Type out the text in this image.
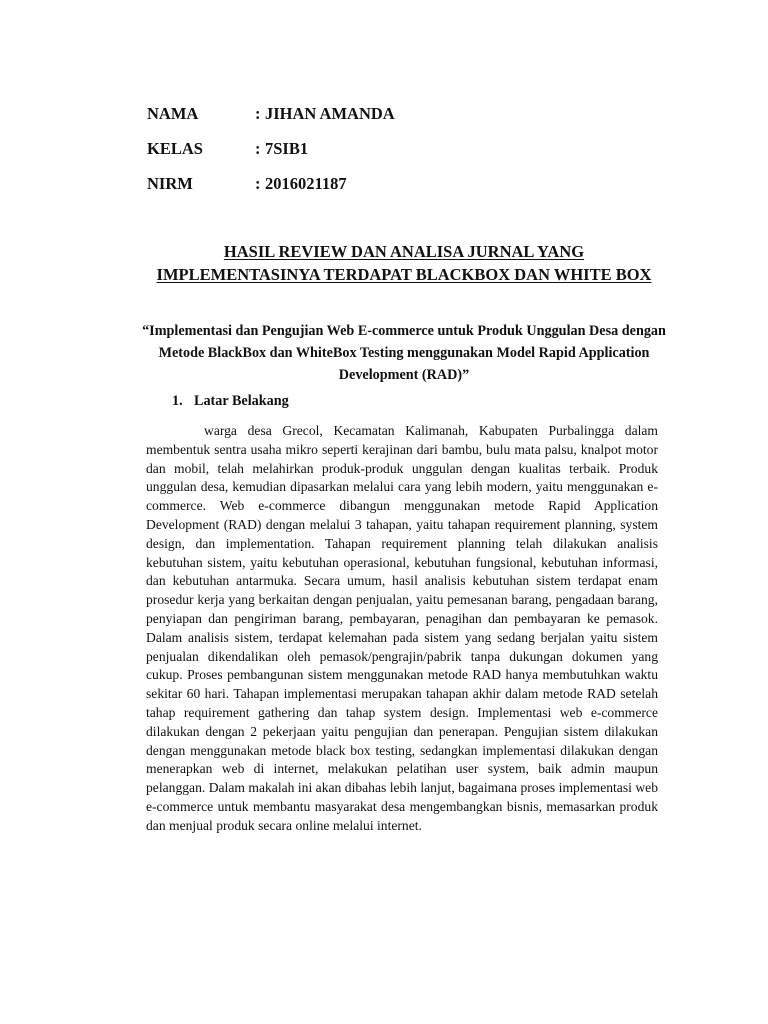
NAMA	: JIHAN AMANDA
KELAS	: 7SIB1
NIRM	: 2016021187
HASIL REVIEW DAN ANALISA JURNAL YANG IMPLEMENTASINYA TERDAPAT BLACKBOX DAN WHITE BOX
“Implementasi dan Pengujian Web E-commerce untuk Produk Unggulan Desa dengan Metode BlackBox dan WhiteBox Testing menggunakan Model Rapid Application Development (RAD)”
1. Latar Belakang

warga desa Grecol, Kecamatan Kalimanah, Kabupaten Purbalingga dalam membentuk sentra usaha mikro seperti kerajinan dari bambu, bulu mata palsu, knalpot motor dan mobil, telah melahirkan produk-produk unggulan dengan kualitas terbaik. Produk unggulan desa, kemudian dipasarkan melalui cara yang lebih modern, yaitu menggunakan e-commerce. Web e-commerce dibangun menggunakan metode Rapid Application Development (RAD) dengan melalui 3 tahapan, yaitu tahapan requirement planning, system design, dan implementation. Tahapan requirement planning telah dilakukan analisis kebutuhan sistem, yaitu kebutuhan operasional, kebutuhan fungsional, kebutuhan informasi, dan kebutuhan antarmuka. Secara umum, hasil analisis kebutuhan sistem terdapat enam prosedur kerja yang berkaitan dengan penjualan, yaitu pemesanan barang, pengadaan barang, penyiapan dan pengiriman barang, pembayaran, penagihan dan pembayaran ke pemasok. Dalam analisis sistem, terdapat kelemahan pada sistem yang sedang berjalan yaitu sistem penjualan dikendalikan oleh pemasok/pengrajin/pabrik tanpa dukungan dokumen yang cukup. Proses pembangunan sistem menggunakan metode RAD hanya membutuhkan waktu sekitar 60 hari. Tahapan implementasi merupakan tahapan akhir dalam metode RAD setelah tahap requirement gathering dan tahap system design. Implementasi web e-commerce dilakukan dengan 2 pekerjaan yaitu pengujian dan penerapan. Pengujian sistem dilakukan dengan menggunakan metode black box testing, sedangkan implementasi dilakukan dengan menerapkan web di internet, melakukan pelatihan user system, baik admin maupun pelanggan. Dalam makalah ini akan dibahas lebih lanjut, bagaimana proses implementasi web e-commerce untuk membantu masyarakat desa mengembangkan bisnis, memasarkan produk dan menjual produk secara online melalui internet.
